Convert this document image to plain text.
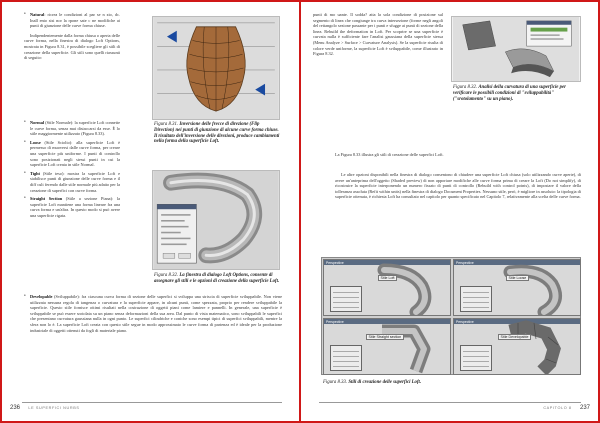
• Natural: ricrea le condizioni al par se n zio, dc. Inall ento sisi nor la rpone sate c ne modifiche ai punti di giunzione delle curve forma chiuse.

Indipendentemente dalla forma chiusa o aperta delle curve forma, nella finestra di dialogo Loft Options, mostrata in Figura 8.31, è possibile scegliere gli stili di creazione della superficie. Gli stili sono quelli riassunti di seguito:

Figura 8.31. Inversione delle frecce di direzione (Flip Direction) nei punti di giunzione di alcune curve forma chiuse. Il risultato dell'inversione delle direzioni, produce cambiamenti nella forma della superficie Loft.
• Normal (Stile Normale): la superficie Loft connette le curve forma, senza mai distaccarsi da esse. È lo stile maggiormente utilizzato (Figura 8.33).
• Loose (Stile Sciolto): alla superficie Loft è permesso di muoversi dalle curve forma, per creare una superficie più uniforme. I punti di controllo sono posizionati negli stessi punti in cui la superficie Loft creata in stile Normal.
• Tight (Stile teso): mostra la superficie Loft e stabilisce punti di giunzione delle curve forma e il diff cult ferendo dalle stile normale più adatto per la creazione di superfici con curve forma.
• Straight Section (Stile a sezione Piana): la superficie Loft mantiene una forma lineare fra una curva forma e un'altra. In questo modo si può avere una superficie rigata.
Figura 8.32. La finestra di dialogo Loft Options, consente di assegnare gli stili e le opzioni di creazione della superficie Loft.
• Developable (Sviluppabile): fra ciascuna curva forma di sezione delle superfici si sviluppa una striscia di superficie sviluppabile. Non viene utilizzata nessuna regola di tangenza o curvatura e la superficie appare, in alcuni punti, come spezzata, proprio per rendere sviluppabile la superficie. Questo stile fornisce ottimi risultati nella costruzione di oggetti piani come lamiere e pannelli. In generale, una superficie è sviluppabile se può essere srotolata su un piano senza deformazioni della sua area. Dal punto di vista matematico, sono sviluppabili le superfici che presentano curvatura gaussiana nulla in ogni punto. Le superfici cilindriche e coniche sono esempi tipici di superfici sviluppabili, mentre la sfera non lo è. La superficie Loft creata con questo stile segue in modo approssimato le curve forma di partenza ed è ideale per la produzione industriale di oggetti ottenuti da fogli di materiale piano.
236 LE SUPERFICI NURBS
punti di mo uante. Il sodda? atta la sola condizione di posizione sul segmento di linea che congiunge tra curva intersezione (forme negli angoli del rettangolo sezione passante per i punti e sfugge ai punti di sezione della linea. Rebuild the deformation in Loft. Per scoprire se una superficie è curvata nulla è sufficiente fare l'analisi gaussiana della superficie stessa (Menu Analyze > Surface > Curvature Analysis). Se la superficie risulta di colore verde uniforme, la superficie Loft è sviluppabile, come illustrato in Figura 8.32.
Figura 8.32. Analisi della curvatura di una superficie per verificare le possibili condizioni di "sviluppabilità" ("srotolamento" su un piano).
La Figura 8.33 illustra gli stili di creazione delle superfici Loft.
Le altre opzioni disponibili nella finestra di dialogo consentono di chiudere una superficie Loft chiusa (solo utilizzando curve aperte), di avere un'anteprima dell'oggetto (Shaded preview) di non apportare modifiche alle curve forma prima di creare la Loft (Do not simplify), di ricostruire la superficie interponendo un numero fissato di punti di controllo (Rebuild with control points), di impostare il valore della tolleranza assoluta (Refit within units) nella finestra di dialogo Document Properties. Nessuno stile, però, è migliore in assoluto: la tipologia di superficie ottenuta, è richiesta Loft ha consultato nel capitolo per quanto specificato nel Capitolo 7, relativamente alla scelta delle curve forma.
Perspective
Stile Loft
Perspective
Stile Loose
Perspective
Stile Straight section
Perspective
Stile Developable
Figura 8.33. Stili di creazione delle superfici Loft.
CAPITOLO 8 237
